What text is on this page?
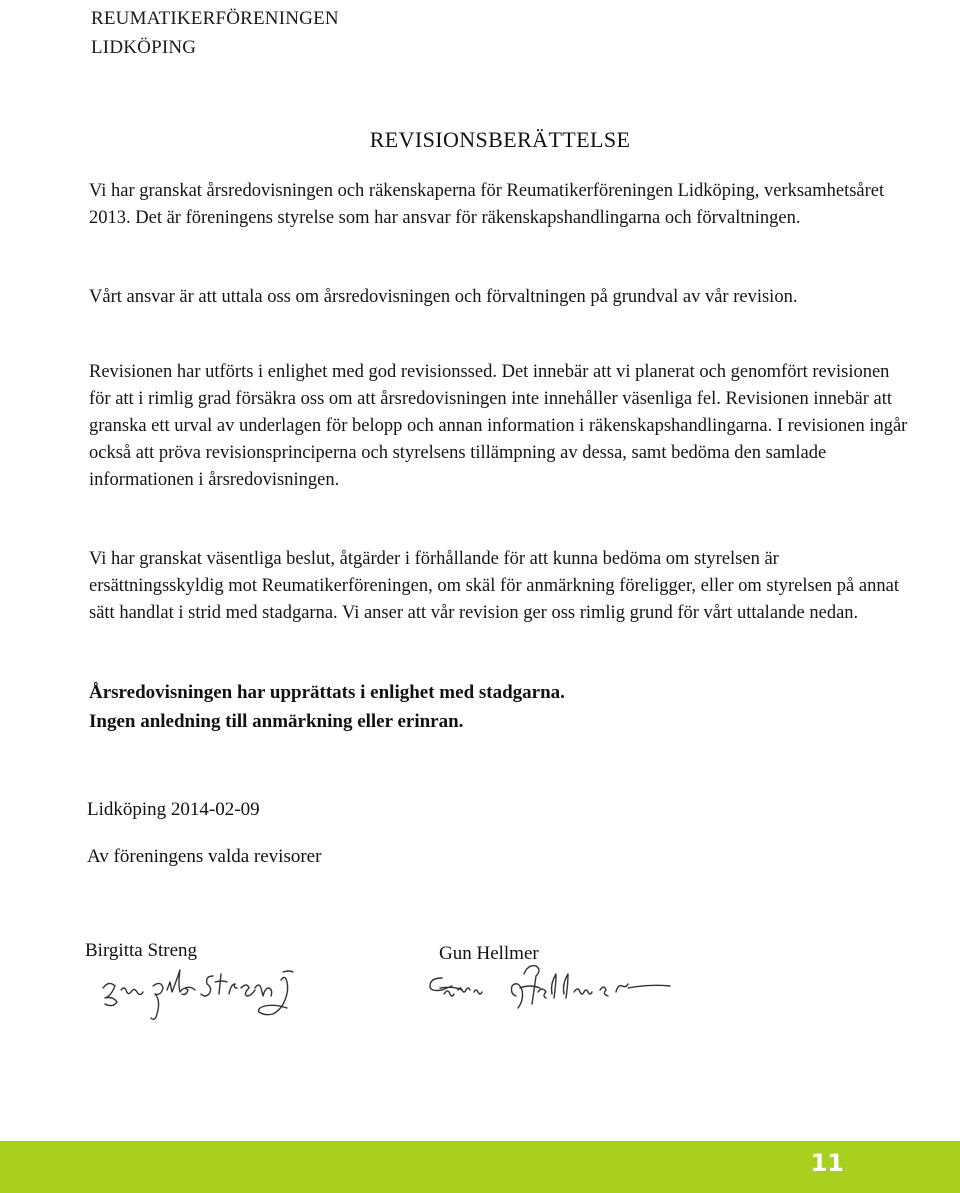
REUMATIKERFÖRENINGEN
LIDKÖPING
REVISIONSBERÄTTELSE
Vi har granskat årsredovisningen och räkenskaperna för Reumatikerföreningen Lidköping, verksamhetsåret 2013. Det är föreningens styrelse som har ansvar för räkenskapshandlingarna och förvaltningen.
Vårt ansvar är att uttala oss om årsredovisningen och förvaltningen på grundval av vår revision.
Revisionen har utförts i enlighet med god revisionssed. Det innebär att vi planerat och genomfört revisionen för att i rimlig grad försäkra oss om att årsredovisningen inte innehåller väsenliga fel. Revisionen innebär att granska ett urval av underlagen för belopp och annan information i räkenskapshandlingarna. I revisionen ingår också att pröva revisionsprinciperna och styrelsens tillämpning av dessa, samt bedöma den samlade informationen i årsredovisningen.
Vi har granskat väsentliga beslut, åtgärder i förhållande för att kunna bedöma om styrelsen är ersättningsskyldig mot Reumatikerföreningen, om skäl för anmärkning föreligger, eller om styrelsen på annat sätt handlat i strid med stadgarna. Vi anser att vår revision ger oss rimlig grund för vårt uttalande nedan.
Årsredovisningen har upprättats i enlighet med stadgarna.
Ingen anledning till anmärkning eller erinran.
Lidköping 2014-02-09
Av föreningens valda revisorer
Birgitta Streng	Gun Hellmer
11
